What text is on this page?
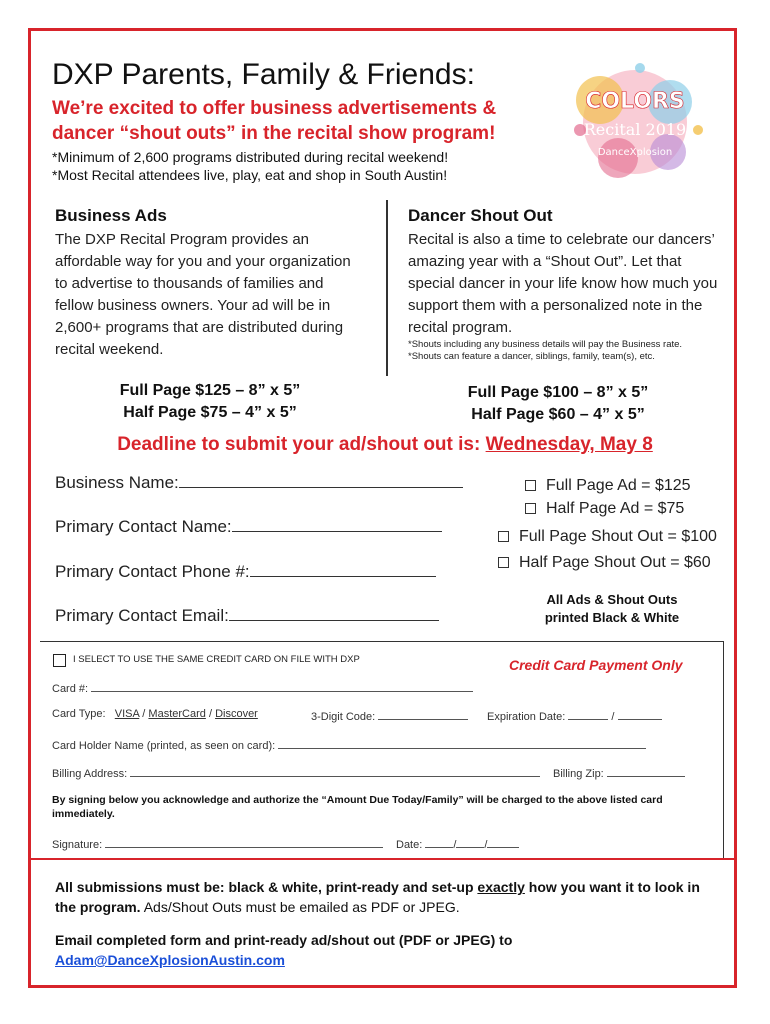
DXP Parents, Family & Friends:
We’re excited to offer business advertisements & dancer “shout outs” in the recital show program!
*Minimum of 2,600 programs distributed during recital weekend!
*Most Recital attendees live, play, eat and shop in South Austin!
COLORS
Recital 2019
DanceXplosion
Business Ads
The DXP Recital Program provides an affordable way for you and your organization to advertise to thousands of families and fellow business owners. Your ad will be in 2,600+ programs that are distributed during recital weekend.
Full Page $125 – 8” x 5”
Half Page $75 – 4” x 5”
Dancer Shout Out
Recital is also a time to celebrate our dancers’ amazing year with a “Shout Out”. Let that special dancer in your life know how much you support them with a personalized note in the recital program.
*Shouts including any business details will pay the Business rate.
*Shouts can feature a dancer, siblings, family, team(s), etc.
Full Page $100 – 8” x 5”
Half Page $60 – 4” x 5”
Deadline to submit your ad/shout out is: Wednesday, May 8
Business Name:
Primary Contact Name:
Primary Contact Phone #:
Primary Contact Email:
Full Page Ad = $125
Half Page Ad = $75
Full Page Shout Out = $100
Half Page Shout Out = $60
All Ads & Shout Outs
printed Black & White
I SELECT TO USE THE SAME CREDIT CARD ON FILE WITH DXP	Credit Card Payment Only
Card #:
Card Type: VISA / MasterCard / Discover	3-Digit Code:	Expiration Date:	/
Card Holder Name (printed, as seen on card):
Billing Address:	Billing Zip:
By signing below you acknowledge and authorize the “Amount Due Today/Family” will be charged to the above listed card immediately.
Signature:	Date:	/	/
All submissions must be: black & white, print-ready and set-up exactly how you want it to look in the program. Ads/Shout Outs must be emailed as PDF or JPEG.
Email completed form and print-ready ad/shout out (PDF or JPEG) to
Adam@DanceXplosionAustin.com
